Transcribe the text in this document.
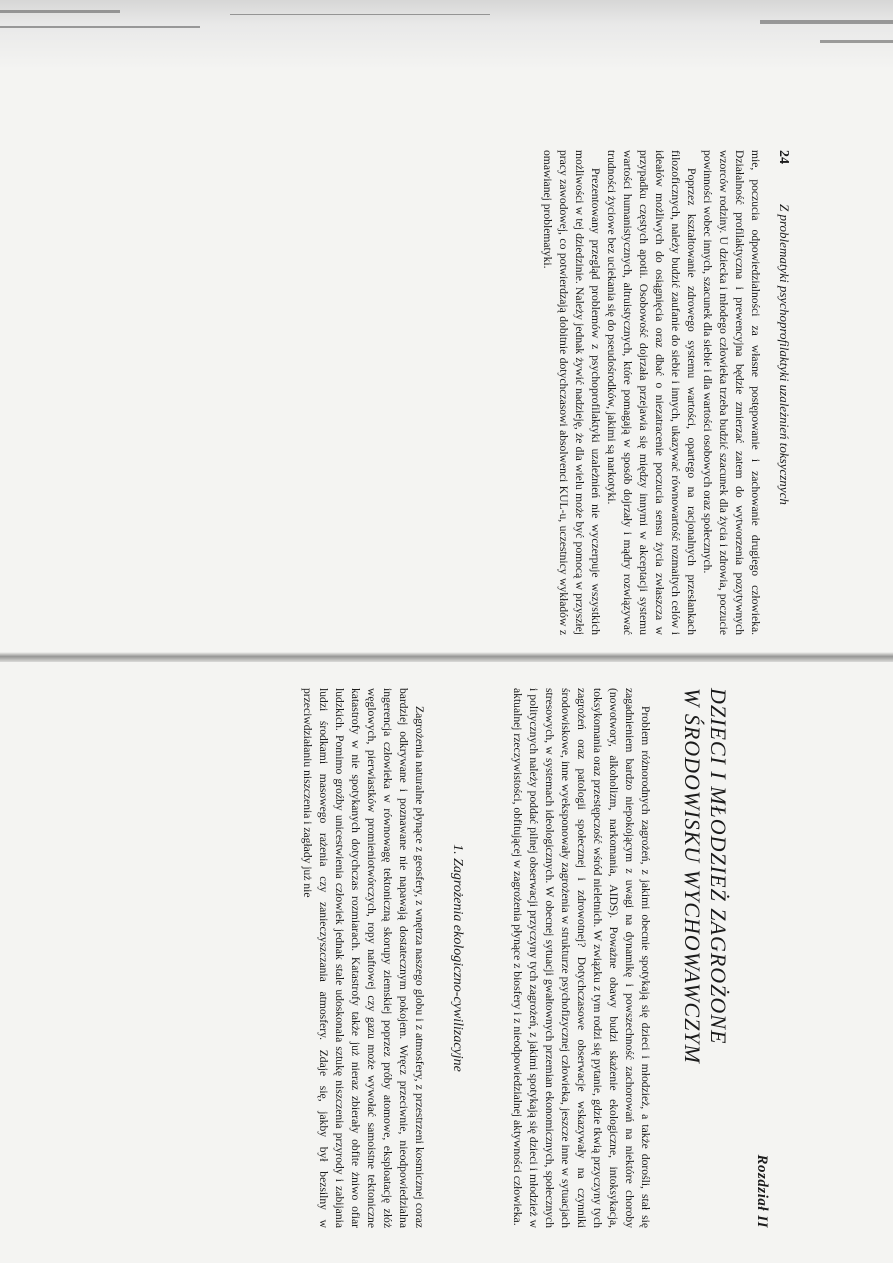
24
Z problematyki psychoprofilaktyki uzależnień toksycznych

mie, poczucia odpowiedzialności za własne postępowanie i zachowanie drugiego człowieka. Działalność profilaktyczna i prewencyjna będzie zmierzać zatem do wytworzenia pozytywnych wzorców rodziny. U dziecka i młodego człowieka trzeba budzić szacunek dla życia i zdrowia, poczucie powinności wobec innych, szacunek dla siebie i dla wartości osobowych oraz społecznych.

Poprzez kształtowanie zdrowego systemu wartości, opartego na racjonalnych przesłankach filozoficznych, należy budzić zaufanie do siebie i innych, ukazywać równowartość rozmaitych celów i ideałów możliwych do osiągnięcia oraz dbać o niezatracenie poczucia sensu życia zwłaszcza w przypadku częstych apotii. Osobowość dojrzała przejawia się między innymi w akceptacji systemu wartości humanistycznych, altruistycznych, które pomagają w sposób dojrzały i mądry rozwiązywać trudności życiowe bez uciekania się do pseudośrodków, jakimi są narkotyki.

Prezentowany przegląd problemów z psychoprofilaktyki uzależnień nie wyczerpuje wszystkich możliwości w tej dziedzinie. Należy jednak żywić nadzieję, że dla wielu może być pomocą w przyszłej pracy zawodowej, co potwierdzają dobitnie dotychczasowi absolwenci KUL-u, uczestnicy wykładów z omawianej problematyki.

Rozdział II
DZIECI I MŁODZIEŻ ZAGROŻONE
W ŚRODOWISKU WYCHOWAWCZYM

Problem różnorodnych zagrożeń, z jakimi obecnie spotykają się dzieci i młodzież, a także dorośli, stał się zagadnieniem bardzo niepokojącym z uwagi na dynamikę i powszechność zachorowań na niektóre choroby (nowotwory, alkoholizm, narkomania, AIDS). Poważne obawy budzi skażenie ekologiczne, intoksykacja, toksykomania oraz przestępczość wśród nieletnich. W związku z tym rodzi się pytanie, gdzie tkwią przyczyny tych zagrożeń oraz patologii społecznej i zdrowotnej? Dotychczasowe obserwacje wskazywały na czynniki środowiskowe, inne wyeksponowały zagrożenia w strukturze psychofizycznej człowieka, jeszcze inne w sytuacjach stresowych, w systemach ideologicznych. W obecnej sytuacji gwałtownych przemian ekonomicznych, społecznych i politycznych należy poddać pilnej obserwacji przyczyny tych zagrożeń, z jakimi spotykają się dzieci i młodzież w aktualnej rzeczywistości, obfitującej w zagrożenia płynące z biosfery i z nieodpowiedzialnej aktywności człowieka.

1. Zagrożenia ekologiczno-cywilizacyjne

Zagrożenia naturalne płynące z geosfery, z wnętrza naszego globu i z atmosfery, z przestrzeni kosmicznej coraz bardziej odkrywane i poznawane nie napawają dostatecznym pokojem. Wręcz przeciwnie, nieodpowiedzialna ingerencja człowieka w równowagę tektoniczną skorupy ziemskiej poprzez próby atomowe, eksploatację złóż węglowych, pierwiastków promieniotwórczych, ropy naftowej czy gazu może wywołać samoistne tektoniczne katastrofy w nie spotykanych dotychczas rozmiarach. Katastrofy także już nieraz zbierały obfite żniwo ofiar ludzkich. Pomimo groźby unicestwienia człowiek jednak stale udoskonala sztukę niszczenia przyrody i zabijania ludzi środkami masowego rażenia czy zanieczyszczania atmosfery. Zdaje się, jakby był bezsilny w przeciwdziałaniu niszczenia i zagłady już nie
